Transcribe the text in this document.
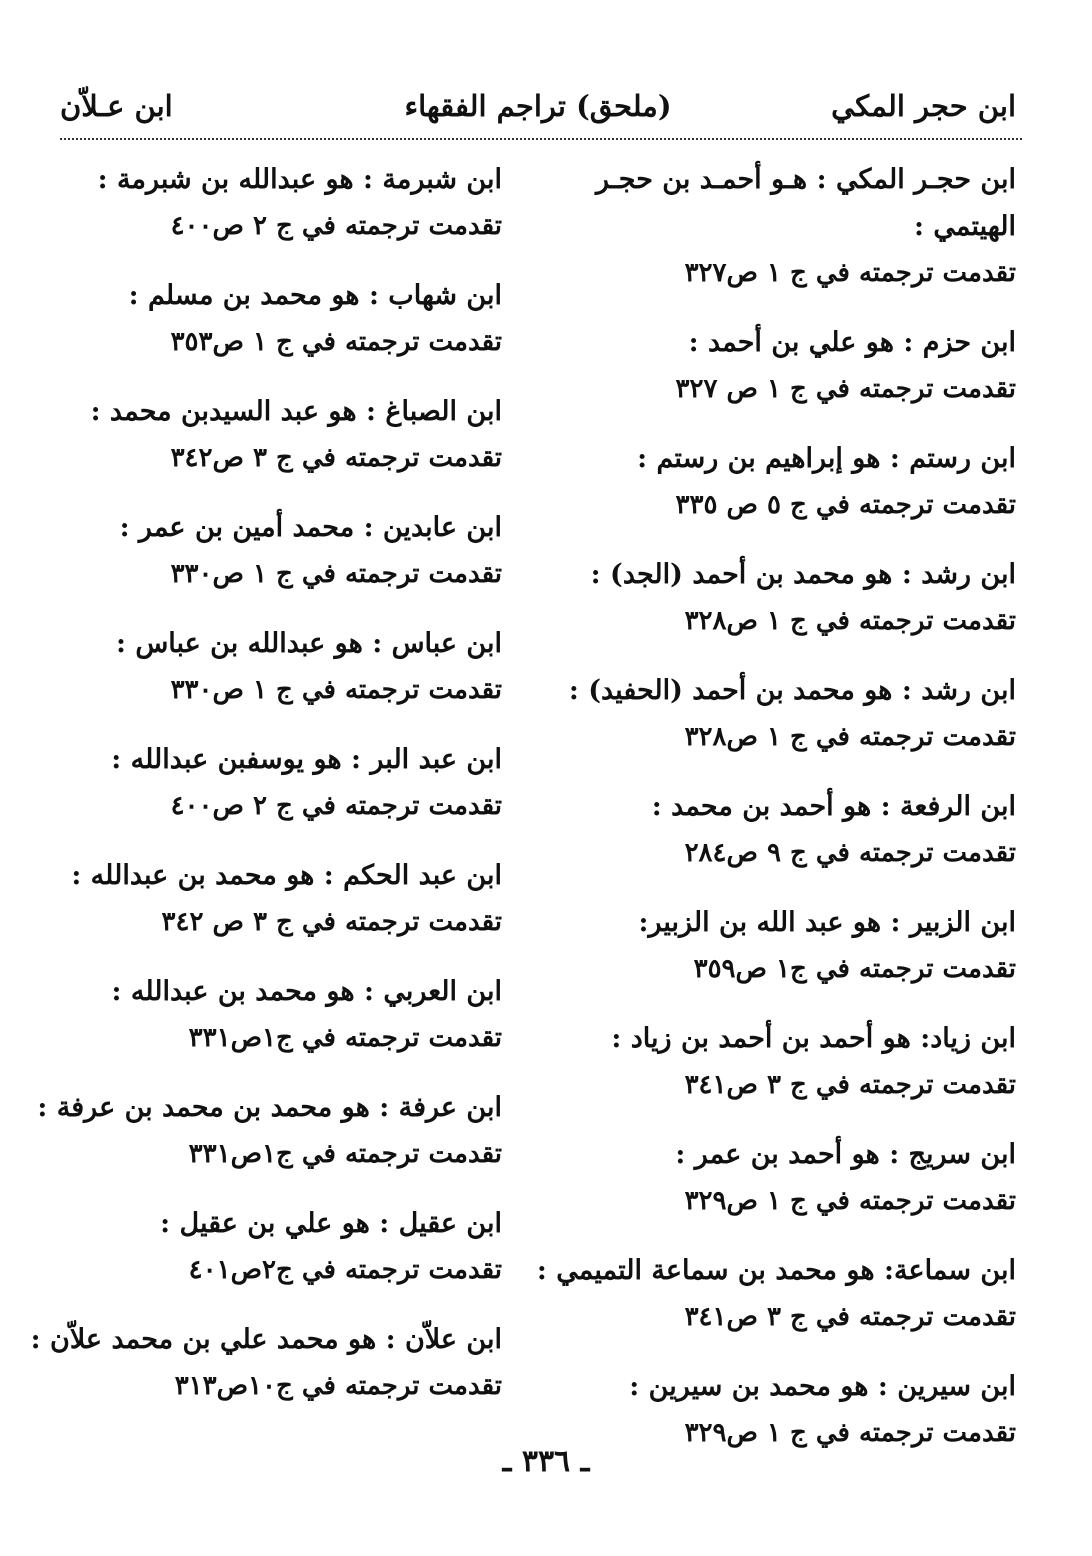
ابن حجر المكي
(ملحق) تراجم الفقهاء
ابن عـلاّن
ابن حجـر المكي : هـو أحمـد بن حجـر
الهيتمي :
تقدمت ترجمته في ج ١ ص٣٢٧
ابن حزم : هو علي بن أحمد :
تقدمت ترجمته في ج ١ ص ٣٢٧
ابن رستم : هو إبراهيم بن رستم :
تقدمت ترجمته في ج ٥ ص ٣٣٥
ابن رشد : هو محمد بن أحمد (الجد) :
تقدمت ترجمته في ج ١ ص٣٢٨
ابن رشد : هو محمد بن أحمد (الحفيد) :
تقدمت ترجمته في ج ١ ص٣٢٨
ابن الرفعة : هو أحمد بن محمد :
تقدمت ترجمته في ج ٩ ص٢٨٤
ابن الزبير : هو عبد الله بن الزبير:
تقدمت ترجمته في ج١ ص٣٥٩
ابن زياد: هو أحمد بن أحمد بن زياد :
تقدمت ترجمته في ج ٣ ص٣٤١
ابن سريج : هو أحمد بن عمر :
تقدمت ترجمته في ج ١ ص٣٢٩
ابن سماعة: هو محمد بن سماعة التميمي :
تقدمت ترجمته في ج ٣ ص٣٤١
ابن سيرين : هو محمد بن سيرين :
تقدمت ترجمته في ج ١ ص٣٢٩
ابن شبرمة : هو عبدالله بن شبرمة :
تقدمت ترجمته في ج ٢ ص٤٠٠
ابن شهاب : هو محمد بن مسلم :
تقدمت ترجمته في ج ١ ص٣٥٣
ابن الصباغ : هو عبد السيدبن محمد :
تقدمت ترجمته في ج ٣ ص٣٤٢
ابن عابدين : محمد أمين بن عمر :
تقدمت ترجمته في ج ١ ص٣٣٠
ابن عباس : هو عبدالله بن عباس :
تقدمت ترجمته في ج ١ ص٣٣٠
ابن عبد البر : هو يوسفبن عبدالله :
تقدمت ترجمته في ج ٢ ص٤٠٠
ابن عبد الحكم : هو محمد بن عبدالله :
تقدمت ترجمته في ج ٣ ص ٣٤٢
ابن العربي : هو محمد بن عبدالله :
تقدمت ترجمته في ج١ص٣٣١
ابن عرفة : هو محمد بن محمد بن عرفة :
تقدمت ترجمته في ج١ص٣٣١
ابن عقيل : هو علي بن عقيل :
تقدمت ترجمته في ج٢ص٤٠١
ابن علاّن : هو محمد علي بن محمد علاّن :
تقدمت ترجمته في ج١٠ص٣١٣
ـ ٣٣٦ ـ
